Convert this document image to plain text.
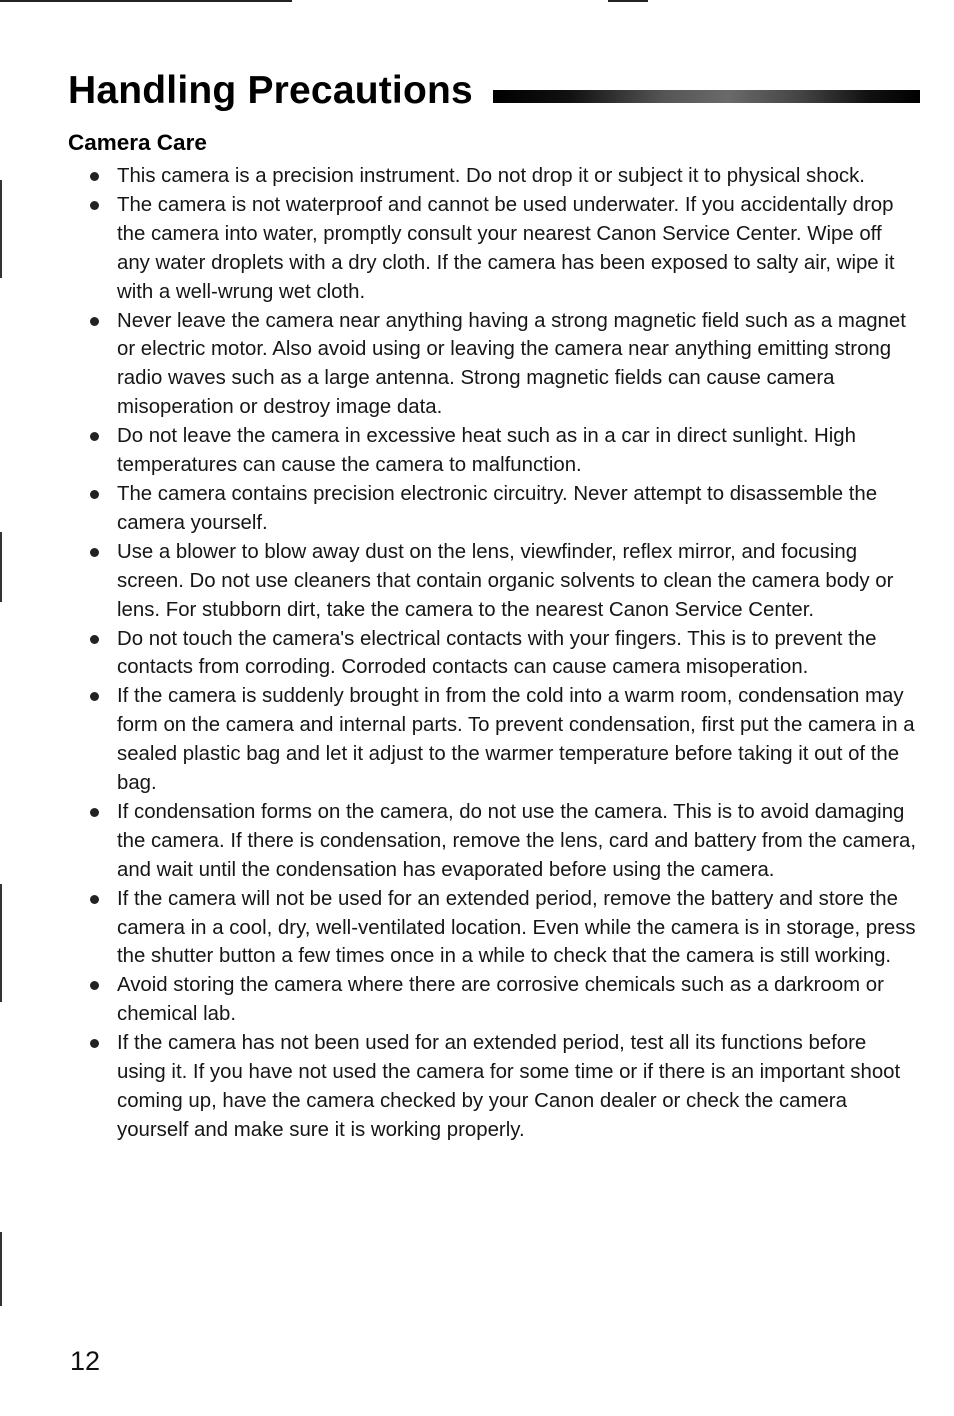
Handling Precautions
Camera Care
This camera is a precision instrument. Do not drop it or subject it to physical shock.
The camera is not waterproof and cannot be used underwater. If you accidentally drop the camera into water, promptly consult your nearest Canon Service Center. Wipe off any water droplets with a dry cloth. If the camera has been exposed to salty air, wipe it with a well-wrung wet cloth.
Never leave the camera near anything having a strong magnetic field such as a magnet or electric motor. Also avoid using or leaving the camera near anything emitting strong radio waves such as a large antenna. Strong magnetic fields can cause camera misoperation or destroy image data.
Do not leave the camera in excessive heat such as in a car in direct sunlight. High temperatures can cause the camera to malfunction.
The camera contains precision electronic circuitry. Never attempt to disassemble the camera yourself.
Use a blower to blow away dust on the lens, viewfinder, reflex mirror, and focusing screen. Do not use cleaners that contain organic solvents to clean the camera body or lens. For stubborn dirt, take the camera to the nearest Canon Service Center.
Do not touch the camera's electrical contacts with your fingers. This is to prevent the contacts from corroding. Corroded contacts can cause camera misoperation.
If the camera is suddenly brought in from the cold into a warm room, condensation may form on the camera and internal parts. To prevent condensation, first put the camera in a sealed plastic bag and let it adjust to the warmer temperature before taking it out of the bag.
If condensation forms on the camera, do not use the camera. This is to avoid damaging the camera. If there is condensation, remove the lens, card and battery from the camera, and wait until the condensation has evaporated before using the camera.
If the camera will not be used for an extended period, remove the battery and store the camera in a cool, dry, well-ventilated location. Even while the camera is in storage, press the shutter button a few times once in a while to check that the camera is still working.
Avoid storing the camera where there are corrosive chemicals such as a darkroom or chemical lab.
If the camera has not been used for an extended period, test all its functions before using it. If you have not used the camera for some time or if there is an important shoot coming up, have the camera checked by your Canon dealer or check the camera yourself and make sure it is working properly.

12
